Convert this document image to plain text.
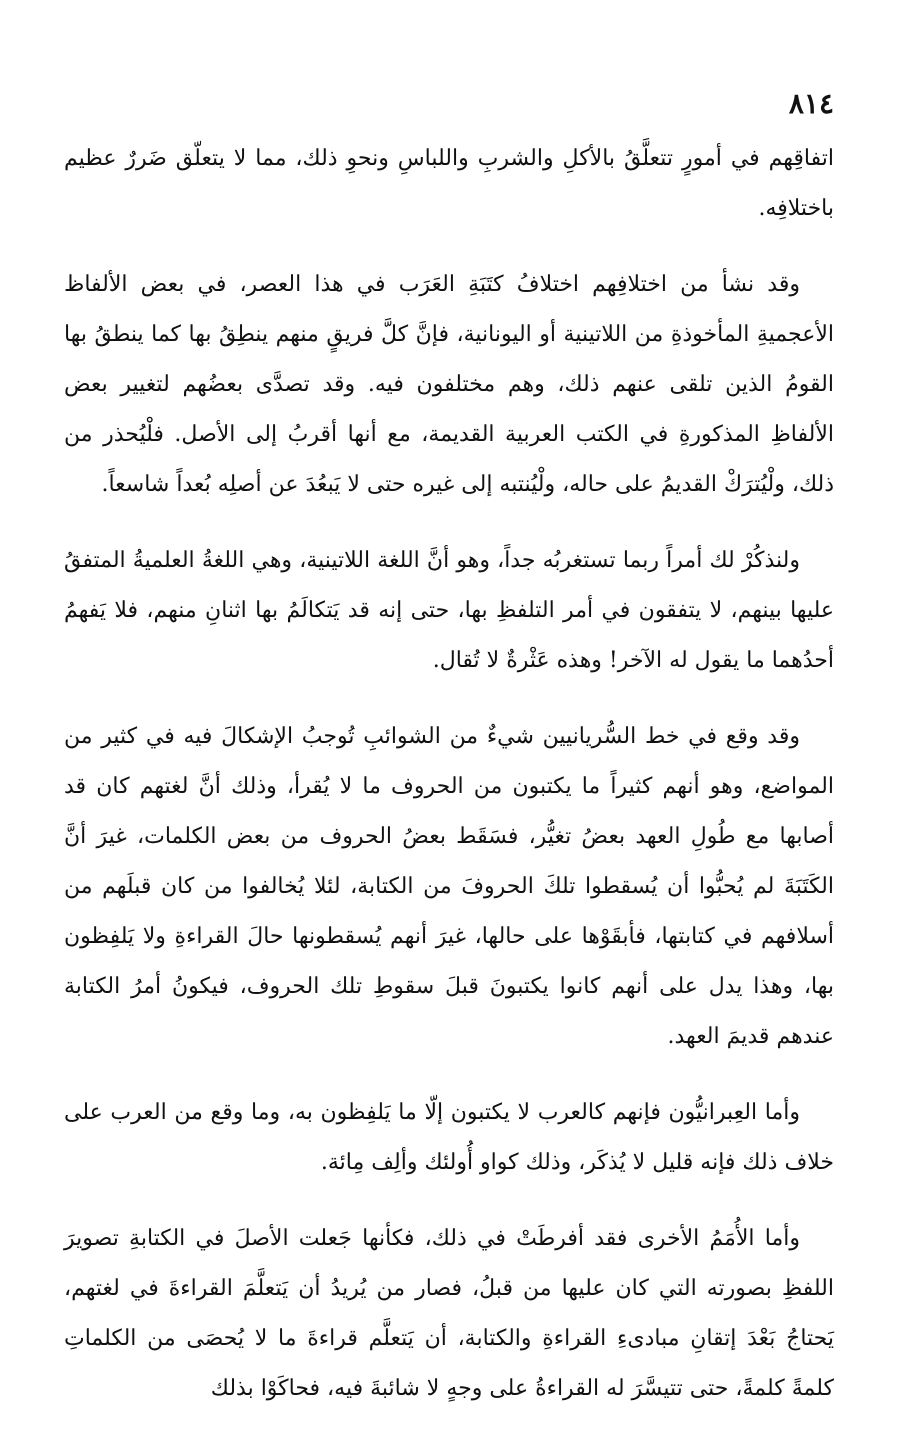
٨١٤

اتفاقِهم في أمورٍ تتعلَّقُ بالأكلِ والشربِ واللباسِ ونحوِ ذلك، مما لا يتعلّق ضَررٌ عظيم باختلافِه.

وقد نشأ من اختلافِهم اختلافُ كتَبَةِ العَرَب في هذا العصر، في بعض الألفاظ الأعجميةِ المأخوذةِ من اللاتينية أو اليونانية، فإنَّ كلَّ فريقٍ منهم ينطِقُ بها كما ينطقُ بها القومُ الذين تلقى عنهم ذلك، وهم مختلفون فيه. وقد تصدَّى بعضُهم لتغيير بعض الألفاظِ المذكورةِ في الكتب العربية القديمة، مع أنها أقربُ إلى الأصل. فلْيُحذر من ذلك، ولْيُترَكْ القديمُ على حاله، ولْيُنتبه إلى غيره حتى لا يَبعُدَ عن أصلِه بُعداً شاسعاً.

ولنذكُرْ لك أمراً ربما تستغربُه جداً، وهو أنَّ اللغة اللاتينية، وهي اللغةُ العلميةُ المتفقُ عليها بينهم، لا يتفقون في أمر التلفظِ بها، حتى إنه قد يَتكالَمُ بها اثنانِ منهم، فلا يَفهمُ أحدُهما ما يقول له الآخر! وهذه عَثْرةٌ لا تُقال.

وقد وقع في خط السُّريانيين شيءٌ من الشوائبِ تُوجبُ الإشكالَ فيه في كثير من المواضع، وهو أنهم كثيراً ما يكتبون من الحروف ما لا يُقرأ، وذلك أنَّ لغتهم كان قد أصابها مع طُولِ العهد بعضُ تغيُّر، فسَقَط بعضُ الحروف من بعض الكلمات، غيرَ أنَّ الكَتَبَةَ لم يُحبُّوا أن يُسقطوا تلكَ الحروفَ من الكتابة، لئلا يُخالفوا من كان قبلَهم من أسلافهم في كتابتها، فأبقَوْها على حالها، غيرَ أنهم يُسقطونها حالَ القراءةِ ولا يَلفِظون بها، وهذا يدل على أنهم كانوا يكتبونَ قبلَ سقوطِ تلك الحروف، فيكونُ أمرُ الكتابة عندهم قديمَ العهد.

وأما العِبرانيُّون فإنهم كالعرب لا يكتبون إلّا ما يَلفِظون به، وما وقع من العرب على خلاف ذلك فإنه قليل لا يُذكَر، وذلك كواو أُولئك وألِف مِائة.

وأما الأُمَمُ الأخرى فقد أفرطَتْ في ذلك، فكأنها جَعلت الأصلَ في الكتابةِ تصويرَ اللفظِ بصورته التي كان عليها من قبلُ، فصار من يُريدُ أن يَتعلَّمَ القراءةَ في لغتهم، يَحتاجُ بَعْدَ إتقانِ مبادىءِ القراءةِ والكتابة، أن يَتعلَّم قراءةَ ما لا يُحصَى من الكلماتِ كلمةً كلمةً، حتى تتيسَّرَ له القراءةُ على وجهٍ لا شائبةَ فيه، فحاكَوْا بذلك
